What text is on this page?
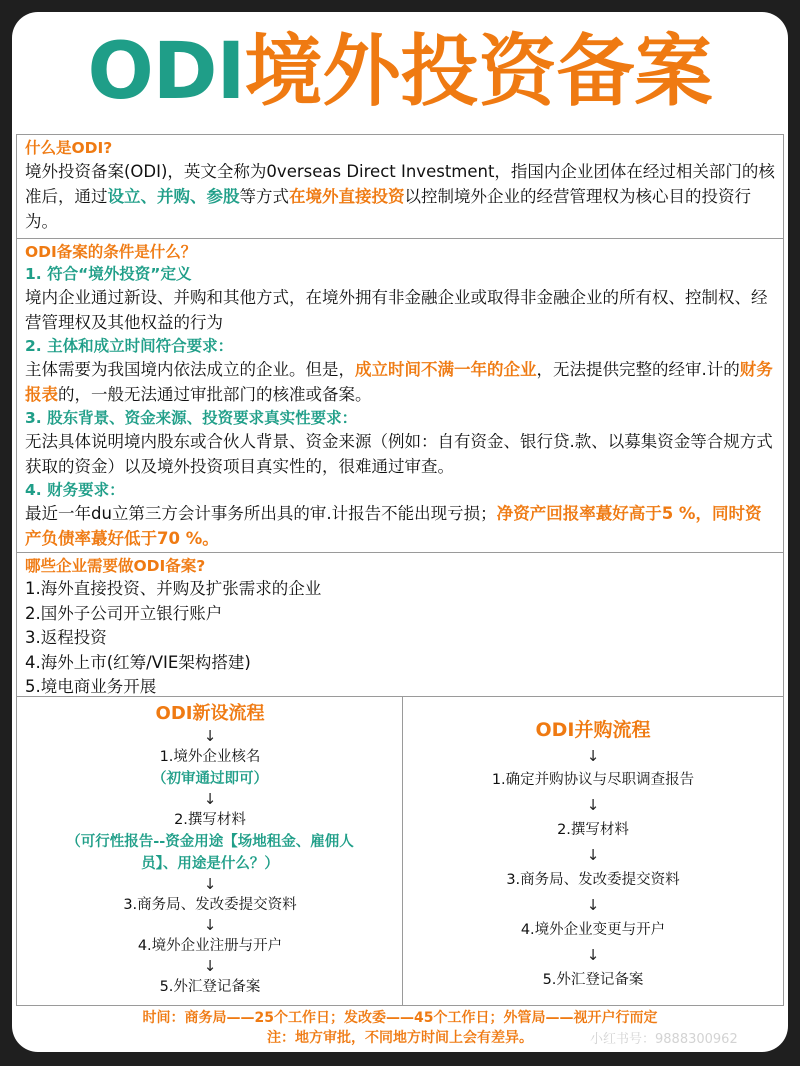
ODI境外投资备案
什么是ODI?
境外投资备案(ODI)，英文全称为0verseas Direct Investment，指国内企业团体在经过相关部门的核准后，通过设立、并购、参股等方式在境外直接投资以控制境外企业的经营管理权为核心目的投资行为。
ODI备案的条件是什么？
1. 符合“境外投资”定义
境内企业通过新设、并购和其他方式，在境外拥有非金融企业或取得非金融企业的所有权、控制权、经营管理权及其他权益的行为
2. 主体和成立时间符合要求：
主体需要为我国境内依法成立的企业。但是，成立时间不满一年的企业，无法提供完整的经审.计的财务报表的，一般无法通过审批部门的核准或备案。
3. 股东背景、资金来源、投资要求真实性要求：
无法具体说明境内股东或合伙人背景、资金来源（例如：自有资金、银行贷.款、以募集资金等合规方式获取的资金）以及境外投资项目真实性的，很难通过审查。
4. 财务要求：
最近一年du立第三方会计事务所出具的审.计报告不能出现亏损；净资产回报率蕞好高于5 %，同时资产负债率蕞好低于70 %。
哪些企业需要做ODI备案?
1.海外直接投资、并购及扩张需求的企业
2.国外子公司开立银行账户
3.返程投资
4.海外上市(红筹/VIE架构搭建)
5.境电商业务开展
ODI新设流程
↓
1.境外企业核名
（初审通过即可）
↓
2.撰写材料
（可行性报告--资金用途【场地租金、雇佣人
员】、用途是什么？）
↓
3.商务局、发改委提交资料
↓
4.境外企业注册与开户
↓
5.外汇登记备案
ODI并购流程
↓
1.确定并购协议与尽职调查报告
↓
2.撰写材料
↓
3.商务局、发改委提交资料
↓
4.境外企业变更与开户
↓
5.外汇登记备案
时间：商务局——25个工作日；发改委——45个工作日；外管局——视开户行而定
注：地方审批，不同地方时间上会有差异。	小红书号：9888300962
